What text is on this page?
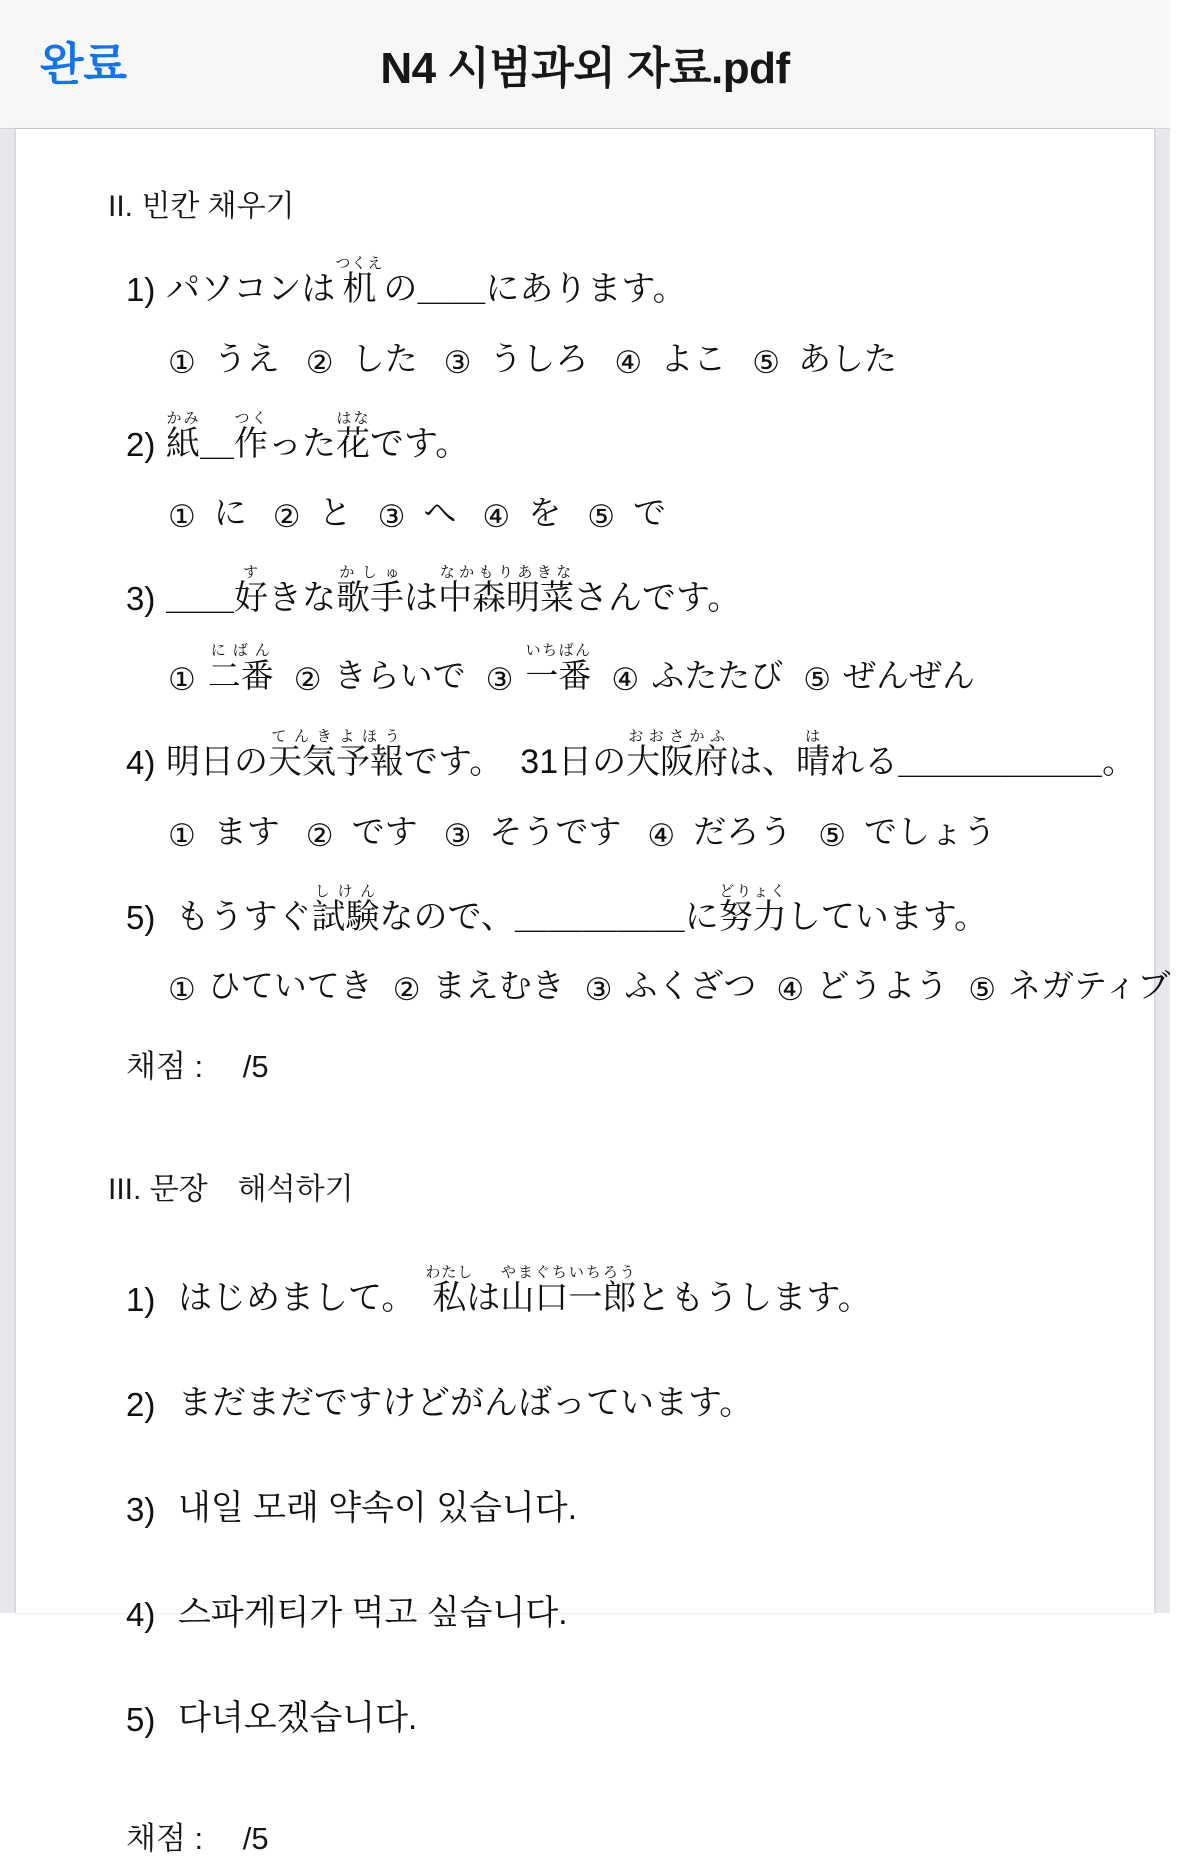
완료	N4 시범과외 자료.pdf
II. 빈칸 채우기
1) パソコンは 机つくえ
の ＿＿ にあります。
① うえ ② した ③ うしろ ④ よこ ⑤ あした
2) 紙かみ
＿ 作つく
った 花はな
です。
① に ② と ③ へ ④ を ⑤ で
3) ＿＿ 好す
きな 歌手かしゅ
は 中森明菜なかもりあきな
さんです。
① 二番にばん
② きらいで ③ 一番いちばん
④ ふたたび ⑤ ぜんぜん
4) 明日 の 天気予報てんきよほう
です。　31日の 大阪府おおさかふ
は、 晴は
れる ＿＿＿＿＿＿ 。
① ます ② です ③ そうです ④ だろう ⑤ でしょう
5) もうすぐ 試験しけん
なので、 ＿＿＿＿＿ に 努力どりょく
しています。
① ひていてき ② まえむき ③ ふくざつ ④ どうよう ⑤ ネガティブ
채점 :　 /5
III. 문장　해석하기
1) はじめまして。　私わたしは山口一郎やまぐちいちろうともうします。
2) まだまだですけどがんばっています。
3) 내일 모래 약속이 있습니다.
4) 스파게티가 먹고 싶습니다.
5) 다녀오겠습니다.
채점 :　 /5
